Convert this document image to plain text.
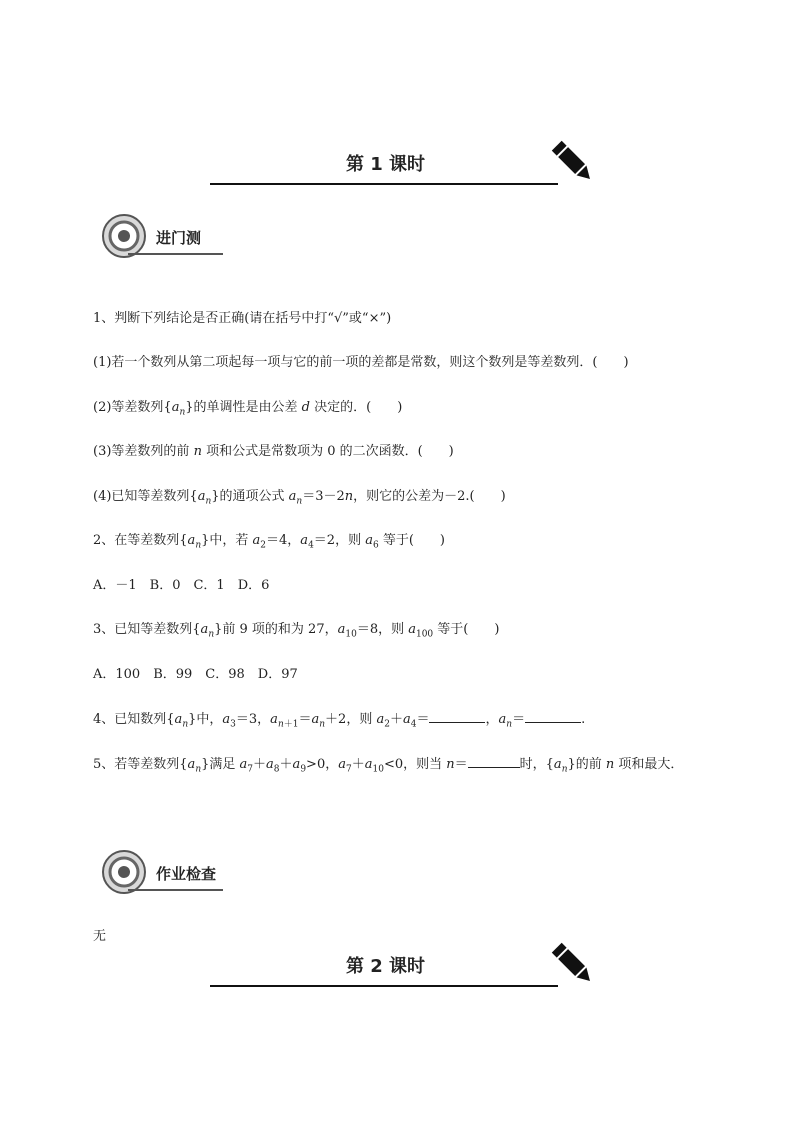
第 1 课时
进门测
1、判断下列结论是否正确(请在括号中打“√”或“×”)
(1)若一个数列从第二项起每一项与它的前一项的差都是常数，则这个数列是等差数列．(　　)
(2)等差数列$\{a_n\}$的单调性是由公差 d 决定的．(　　)
(3)等差数列的前 n 项和公式是常数项为 0 的二次函数．(　　)
(4)已知等差数列$\{a_n\}$的通项公式 $a_n=3-2n$，则它的公差为－2.(　　)
2、在等差数列$\{a_n\}$中，若 $a_2=4$，$a_4=2$，则 $a_6$ 等于(　　)
A．－1　B．0　C．1　D．6
3、已知等差数列$\{a_n\}$前 9 项的和为 27，$a_{10}=8$，则 $a_{100}$ 等于(　　)
A．100　B．99　C．98　D．97
4、已知数列$\{a_n\}$中，$a_3=3$，$a_{n+1}=a_n+2$，则 $a_2+a_4=$	，$a_n=$	.
5、若等差数列$\{a_n\}$满足 $a_7+a_8+a_9>0$，$a_7+a_{10}<0$，则当 n＝	时，$\{a_n\}$的前 n 项和最大．
作业检查
无
第 2 课时
